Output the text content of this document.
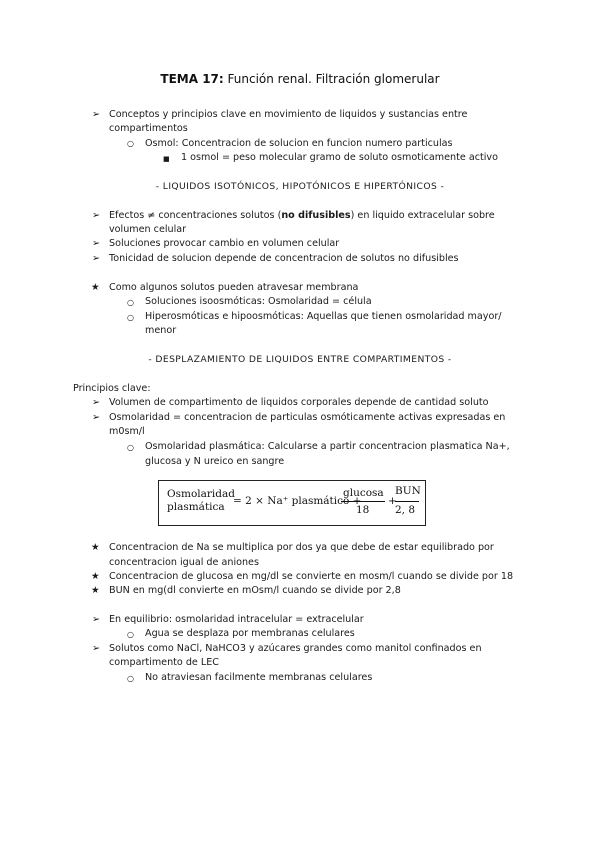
TEMA 17: Función renal. Filtración glomerular
➢ Conceptos y principios clave en movimiento de liquidos y sustancias entre
compartimentos
○ Osmol: Concentracion de solucion en funcion numero particulas
■ 1 osmol = peso molecular gramo de soluto osmoticamente activo
- LIQUIDOS ISOTÓNICOS, HIPOTÓNICOS E HIPERTÓNICOS -
➢ Efectos ≠ concentraciones solutos (no difusibles) en liquido extracelular sobre
volumen celular
➢ Soluciones provocar cambio en volumen celular
➢ Tonicidad de solucion depende de concentracion de solutos no difusibles
★ Como algunos solutos pueden atravesar membrana
○ Soluciones isoosmóticas: Osmolaridad = célula
○ Hiperosmóticas e hipoosmóticas: Aquellas que tienen osmolaridad mayor/
menor
- DESPLAZAMIENTO DE LIQUIDOS ENTRE COMPARTIMENTOS -
Principios clave:
➢ Volumen de compartimento de liquidos corporales depende de cantidad soluto
➢ Osmolaridad = concentracion de particulas osmóticamente activas expresadas en
m0sm/l
○ Osmolaridad plasmática: Calcularse a partir concentracion plasmatica Na+,
glucosa y N ureico en sangre
Osmolaridad
plasmática = 2 × Na⁺ plasmático +
glucosa
18
+
BUN
2, 8
★ Concentracion de Na se multiplica por dos ya que debe de estar equilibrado por
concentracion igual de aniones
★ Concentracion de glucosa en mg/dl se convierte en mosm/l cuando se divide por 18
★ BUN en mg(dl convierte en mOsm/l cuando se divide por 2,8
➢ En equilibrio: osmolaridad intracelular = extracelular
○ Agua se desplaza por membranas celulares
➢ Solutos como NaCl, NaHCO3 y azúcares grandes como manitol confinados en
compartimento de LEC
○ No atraviesan facilmente membranas celulares
